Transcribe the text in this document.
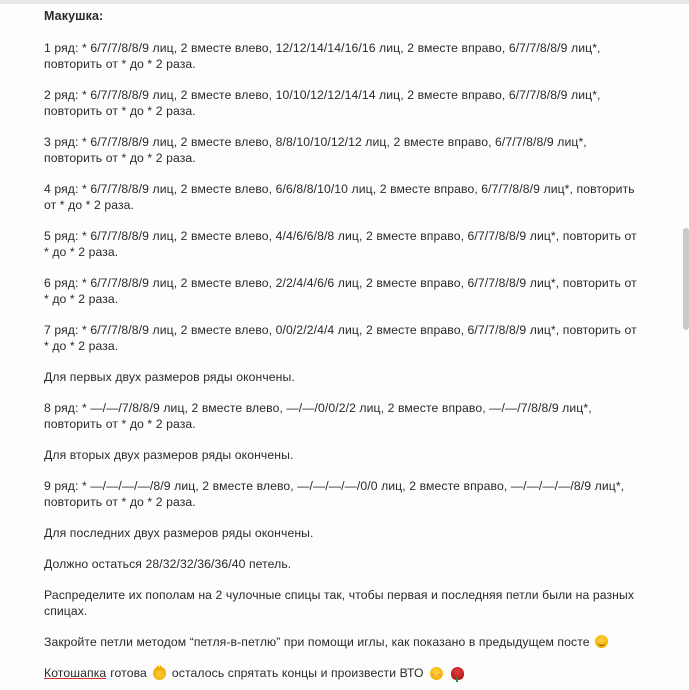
Макушка:
1 ряд: * 6/7/7/8/8/9 лиц, 2 вместе влево, 12/12/14/14/16/16 лиц, 2 вместе вправо, 6/7/7/8/8/9 лиц*, повторить от * до * 2 раза.
2 ряд: * 6/7/7/8/8/9 лиц, 2 вместе влево, 10/10/12/12/14/14 лиц, 2 вместе вправо, 6/7/7/8/8/9 лиц*, повторить от * до * 2 раза.
3 ряд: * 6/7/7/8/8/9 лиц, 2 вместе влево, 8/8/10/10/12/12 лиц, 2 вместе вправо, 6/7/7/8/8/9 лиц*, повторить от * до * 2 раза.
4 ряд: * 6/7/7/8/8/9 лиц, 2 вместе влево, 6/6/8/8/10/10 лиц, 2 вместе вправо, 6/7/7/8/8/9 лиц*, повторить от * до * 2 раза.
5 ряд: * 6/7/7/8/8/9 лиц, 2 вместе влево, 4/4/6/6/8/8 лиц, 2 вместе вправо, 6/7/7/8/8/9 лиц*, повторить от * до * 2 раза.
6 ряд: * 6/7/7/8/8/9 лиц, 2 вместе влево, 2/2/4/4/6/6 лиц, 2 вместе вправо, 6/7/7/8/8/9 лиц*, повторить от * до * 2 раза.
7 ряд: * 6/7/7/8/8/9 лиц, 2 вместе влево, 0/0/2/2/4/4 лиц, 2 вместе вправо, 6/7/7/8/8/9 лиц*, повторить от * до * 2 раза.
Для первых двух размеров ряды окончены.
8 ряд: * —/—/7/8/8/9 лиц, 2 вместе влево, —/—/0/0/2/2 лиц, 2 вместе вправо, —/—/7/8/8/9 лиц*, повторить от * до * 2 раза.
Для вторых двух размеров ряды окончены.
9 ряд: * —/—/—/—/8/9 лиц, 2 вместе влево, —/—/—/—/0/0 лиц, 2 вместе вправо, —/—/—/—/8/9 лиц*, повторить от * до * 2 раза.
Для последних двух размеров ряды окончены.
Должно остаться 28/32/32/36/36/40 петель.
Распределите их пополам на 2 чулочные спицы так, чтобы первая и последняя петли были на разных спицах.
Закройте петли методом “петля-в-петлю” при помощи иглы, как показано в предыдущем посте
Котошапка готова осталось спрятать концы и произвести ВТО
